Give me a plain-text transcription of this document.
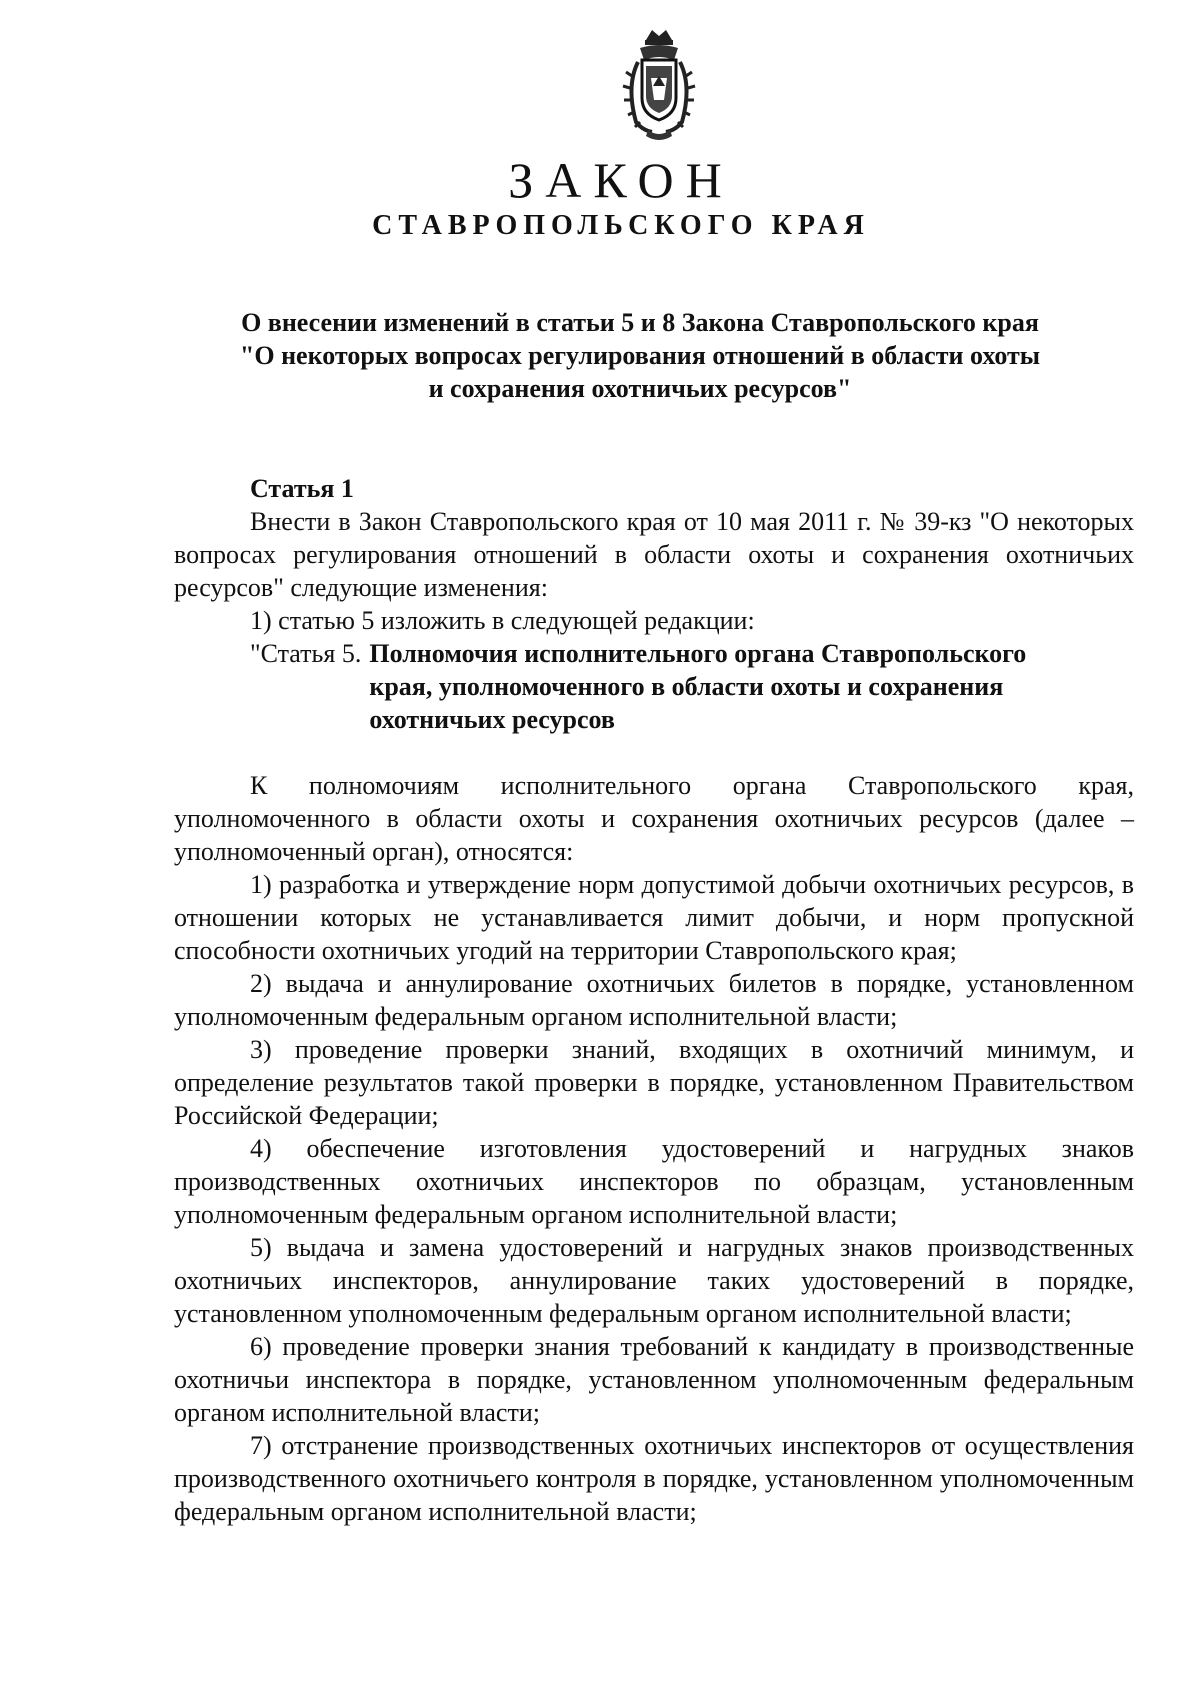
ЗАКОН
СТАВРОПОЛЬСКОГО КРАЯ
О внесении изменений в статьи 5 и 8 Закона Ставропольского края
"О некоторых вопросах регулирования отношений в области охоты
и сохранения охотничьих ресурсов"
Статья 1

Внести в Закон Ставропольского края от 10 мая 2011 г. № 39-кз "О некоторых вопросах регулирования отношений в области охоты и сохранения охотничьих ресурсов" следующие изменения:

1) статью 5 изложить в следующей редакции:

"Статья 5. Полномочия исполнительного органа Ставропольского края, уполномоченного в области охоты и сохранения охотничьих ресурсов

К полномочиям исполнительного органа Ставропольского края, уполномоченного в области охоты и сохранения охотничьих ресурсов (далее – уполномоченный орган), относятся:

1) разработка и утверждение норм допустимой добычи охотничьих ресурсов, в отношении которых не устанавливается лимит добычи, и норм пропускной способности охотничьих угодий на территории Ставропольского края;

2) выдача и аннулирование охотничьих билетов в порядке, установленном уполномоченным федеральным органом исполнительной власти;

3) проведение проверки знаний, входящих в охотничий минимум, и определение результатов такой проверки в порядке, установленном Правительством Российской Федерации;

4) обеспечение изготовления удостоверений и нагрудных знаков производственных охотничьих инспекторов по образцам, установленным уполномоченным федеральным органом исполнительной власти;

5) выдача и замена удостоверений и нагрудных знаков производственных охотничьих инспекторов, аннулирование таких удостоверений в порядке, установленном уполномоченным федеральным органом исполнительной власти;

6) проведение проверки знания требований к кандидату в производственные охотничьи инспектора в порядке, установленном уполномоченным федеральным органом исполнительной власти;

7) отстранение производственных охотничьих инспекторов от осуществления производственного охотничьего контроля в порядке, установленном уполномоченным федеральным органом исполнительной власти;
